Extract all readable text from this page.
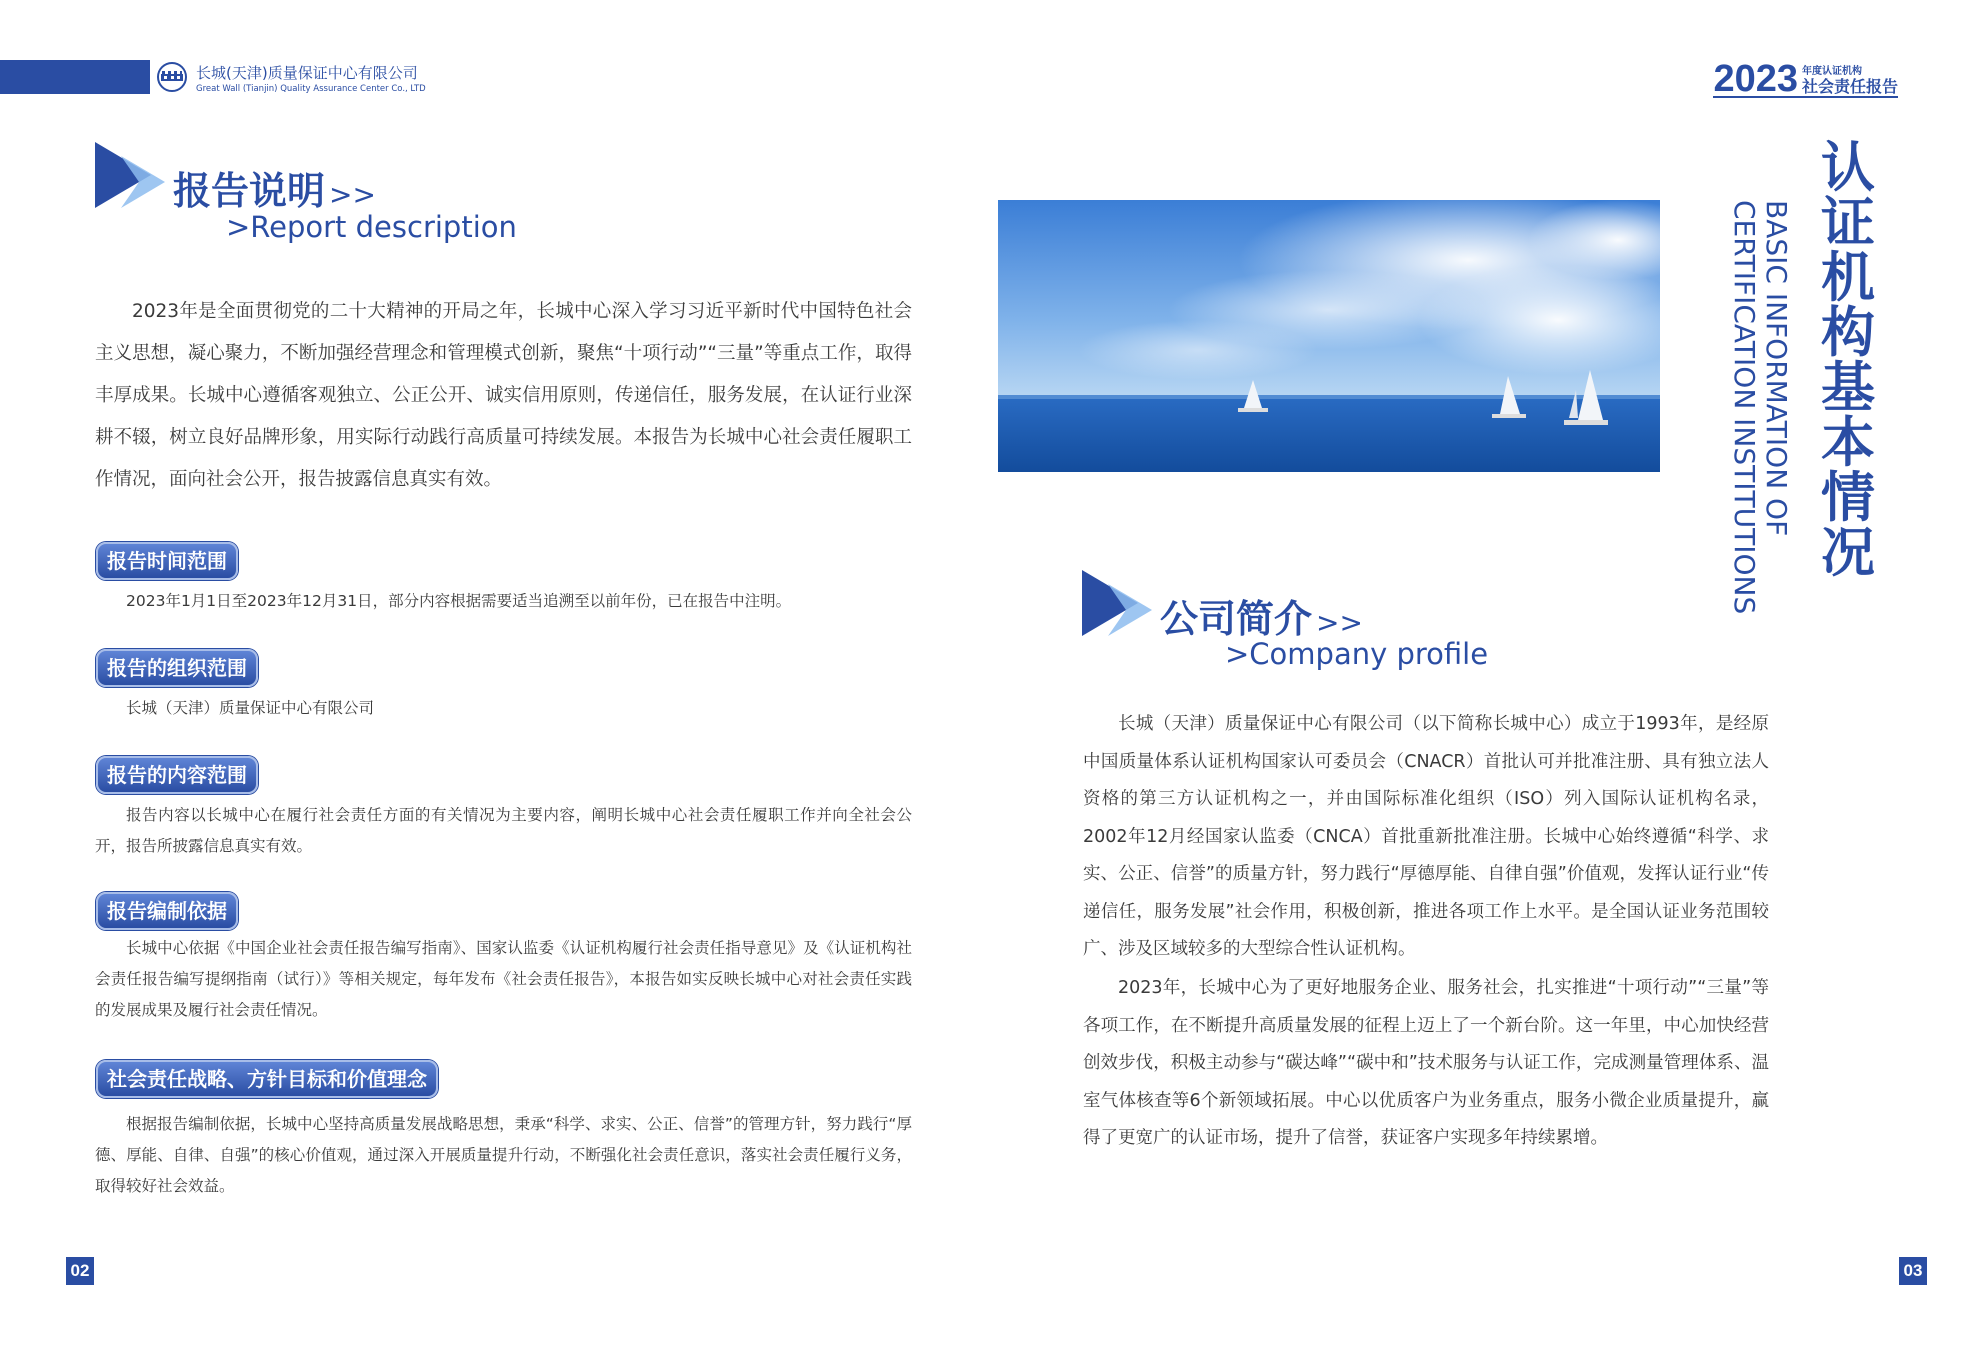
长城(天津)质量保证中心有限公司
Great Wall (Tianjin) Quality Assurance Center Co., LTD	2023 年度认证机构
社会责任报告
报告说明 >>
>Report description
2023年是全面贯彻党的二十大精神的开局之年，长城中心深入学习习近平新时代中国特色社会主义思想，凝心聚力，不断加强经营理念和管理模式创新，聚焦“十项行动”“三量”等重点工作，取得丰厚成果。长城中心遵循客观独立、公正公开、诚实信用原则，传递信任，服务发展，在认证行业深耕不辍，树立良好品牌形象，用实际行动践行高质量可持续发展。本报告为长城中心社会责任履职工作情况，面向社会公开，报告披露信息真实有效。
报告时间范围
2023年1月1日至2023年12月31日，部分内容根据需要适当追溯至以前年份，已在报告中注明。
报告的组织范围
长城（天津）质量保证中心有限公司
报告的内容范围
报告内容以长城中心在履行社会责任方面的有关情况为主要内容，阐明长城中心社会责任履职工作并向全社会公开，报告所披露信息真实有效。
报告编制依据
长城中心依据《中国企业社会责任报告编写指南》、国家认监委《认证机构履行社会责任指导意见》及《认证机构社会责任报告编写提纲指南（试行）》等相关规定，每年发布《社会责任报告》，本报告如实反映长城中心对社会责任实践的发展成果及履行社会责任情况。
社会责任战略、方针目标和价值理念
根据报告编制依据，长城中心坚持高质量发展战略思想，秉承“科学、求实、公正、信誉”的管理方针，努力践行“厚德、厚能、自律、自强”的核心价值观，通过深入开展质量提升行动，不断强化社会责任意识，落实社会责任履行义务，取得较好社会效益。
02
认证机构基本情况
BASIC INFORMATION OF
CERTIFICATION INSTITUTIONS
公司简介 >>
>Company profile
长城（天津）质量保证中心有限公司（以下简称长城中心）成立于1993年，是经原中国质量体系认证机构国家认可委员会（CNACR）首批认可并批准注册、具有独立法人资格的第三方认证机构之一，并由国际标准化组织（ISO）列入国际认证机构名录，2002年12月经国家认监委（CNCA）首批重新批准注册。长城中心始终遵循“科学、求实、公正、信誉”的质量方针，努力践行“厚德厚能、自律自强”价值观，发挥认证行业“传递信任，服务发展”社会作用，积极创新，推进各项工作上水平。是全国认证业务范围较广、涉及区域较多的大型综合性认证机构。
2023年，长城中心为了更好地服务企业、服务社会，扎实推进“十项行动”“三量”等各项工作，在不断提升高质量发展的征程上迈上了一个新台阶。这一年里，中心加快经营创效步伐，积极主动参与“碳达峰”“碳中和”技术服务与认证工作，完成测量管理体系、温室气体核查等6个新领域拓展。中心以优质客户为业务重点，服务小微企业质量提升，赢得了更宽广的认证市场，提升了信誉，获证客户实现多年持续累增。
03
